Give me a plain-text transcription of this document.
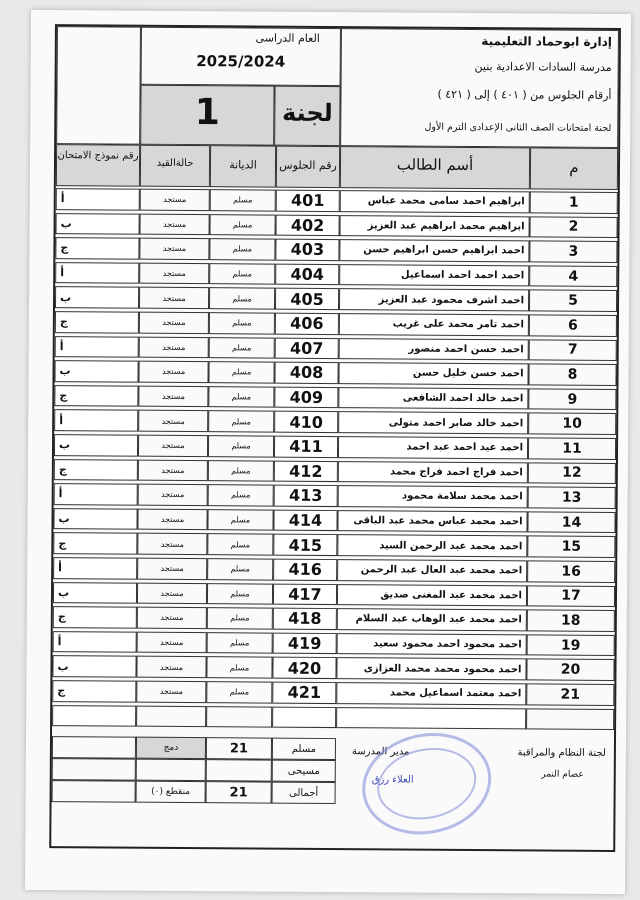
العام الدراسى
2025/2024
1	لجنة
إدارة ابوحماد التعليمية
مدرسة السادات الاعدادية بنين
أرقام الجلوس من ( ٤٠١ ) إلى ( ٤٢١ )
لجنة امتحانات الصف الثانى الإعدادى الترم الأول
رقم نموذج الامتحان
حالةالقيد	الديانة	رقم الجلوس	أسم الطالب	م
أ	مستجد	مسلم	401	ابراهيم احمد سامى محمد عباس	1
ب	مستجد	مسلم	402	ابراهيم محمد ابراهيم عبد العزيز	2
ج	مستجد	مسلم	403	احمد ابراهيم حسن ابراهيم حسن	3
أ	مستجد	مسلم	404	احمد احمد احمد اسماعيل	4
ب	مستجد	مسلم	405	احمد اشرف محمود عبد العزيز	5
ج	مستجد	مسلم	406	احمد تامر محمد على غريب	6
أ	مستجد	مسلم	407	احمد حسن احمد منصور	7
ب	مستجد	مسلم	408	احمد حسن خليل حسن	8
ج	مستجد	مسلم	409	احمد خالد احمد الشافعى	9
أ	مستجد	مسلم	410	احمد خالد صابر احمد متولى	10
ب	مستجد	مسلم	411	احمد عيد احمد عبد احمد	11
ج	مستجد	مسلم	412	احمد فراج احمد فراج محمد	12
أ	مستجد	مسلم	413	احمد محمد سلامة محمود	13
ب	مستجد	مسلم	414	احمد محمد عباس محمد عبد الباقى	14
ج	مستجد	مسلم	415	احمد محمد عبد الرحمن السيد	15
أ	مستجد	مسلم	416	احمد محمد عبد العال عبد الرحمن	16
ب	مستجد	مسلم	417	احمد محمد عبد المغنى صديق	17
ج	مستجد	مسلم	418	احمد محمد عبد الوهاب عبد السلام	18
أ	مستجد	مسلم	419	احمد محمود احمد محمود سعيد	19
ب	مستجد	مسلم	420	احمد محمود محمد محمد العزازى	20
ج	مستجد	مسلم	421	احمد معتمد اسماعيل محمد	21
دمج	21	مسلم
مسيحى
منقطع (٠)	21	أجمالى
لجنة النظام والمراقبة
عصام النمر
مدير المدرسة
العلاء رزق
